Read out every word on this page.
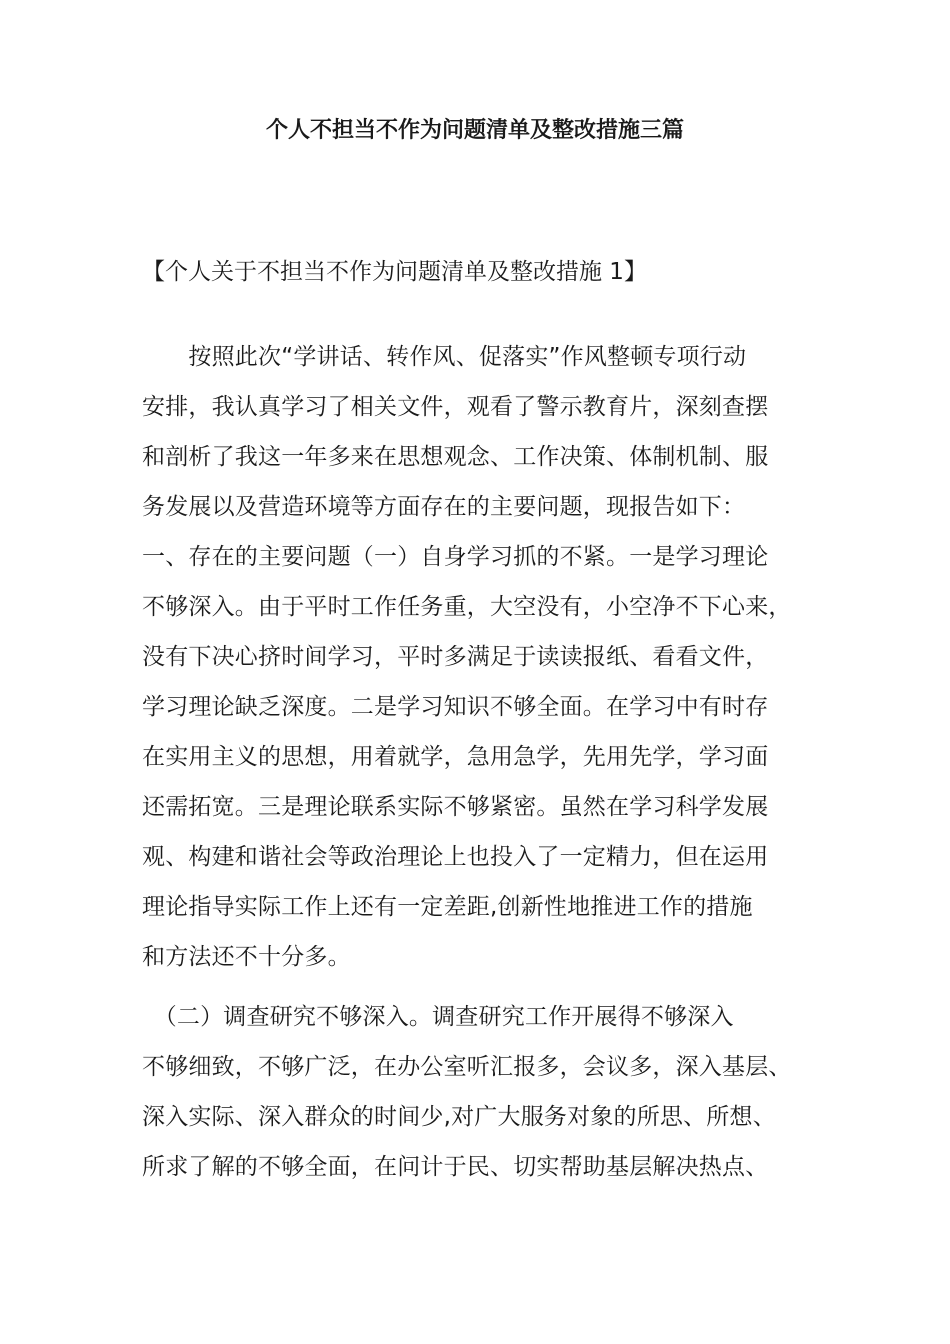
个人不担当不作为问题清单及整改措施三篇
【个人关于不担当不作为问题清单及整改措施 1】
　　按照此次“学讲话、转作风、促落实”作风整顿专项行动
安排，我认真学习了相关文件，观看了警示教育片，深刻查摆
和剖析了我这一年多来在思想观念、工作决策、体制机制、服
务发展以及营造环境等方面存在的主要问题，现报告如下：
一、存在的主要问题（一）自身学习抓的不紧。一是学习理论
不够深入。由于平时工作任务重，大空没有，小空净不下心来，
没有下决心挤时间学习，平时多满足于读读报纸、看看文件，
学习理论缺乏深度。二是学习知识不够全面。在学习中有时存
在实用主义的思想，用着就学，急用急学，先用先学，学习面
还需拓宽。三是理论联系实际不够紧密。虽然在学习科学发展
观、构建和谐社会等政治理论上也投入了一定精力，但在运用
理论指导实际工作上还有一定差距,创新性地推进工作的措施
和方法还不十分多。
　（二）调查研究不够深入。调查研究工作开展得不够深入
不够细致，不够广泛，在办公室听汇报多，会议多，深入基层、
深入实际、深入群众的时间少,对广大服务对象的所思、所想、
所求了解的不够全面，在问计于民、切实帮助基层解决热点、
